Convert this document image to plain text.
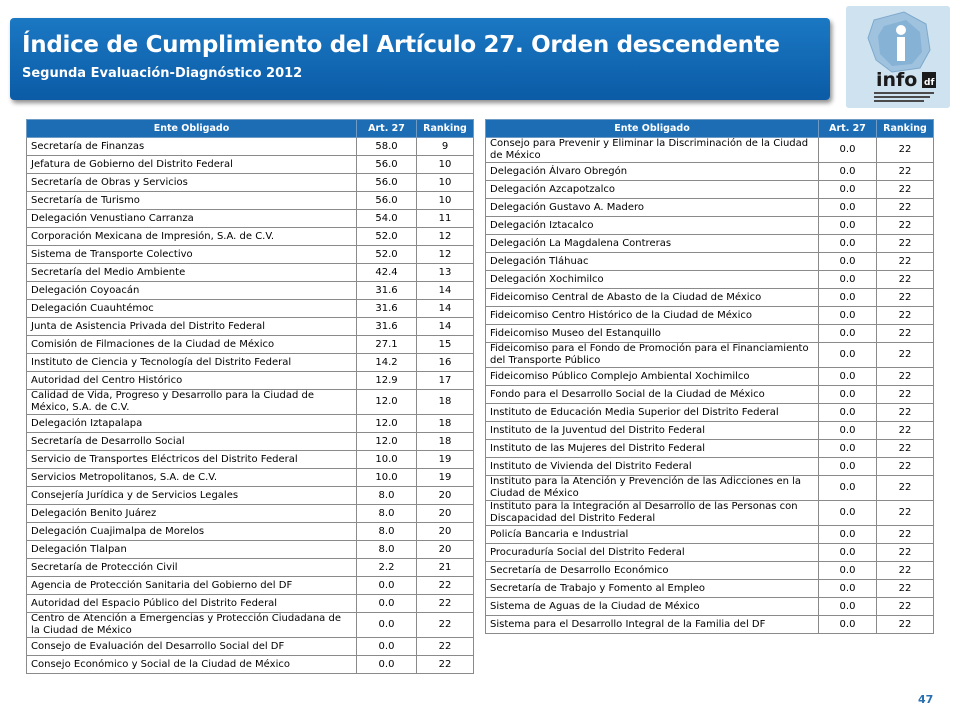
Índice de Cumplimiento del Artículo 27. Orden descendente
Segunda Evaluación-Diagnóstico 2012	info df
Ente Obligado	Art. 27	Ranking
Secretaría de Finanzas	58.0	9
Jefatura de Gobierno del Distrito Federal	56.0	10
Secretaría de Obras y Servicios	56.0	10
Secretaría de Turismo	56.0	10
Delegación Venustiano Carranza	54.0	11
Corporación Mexicana de Impresión, S.A. de C.V.	52.0	12
Sistema de Transporte Colectivo	52.0	12
Secretaría del Medio Ambiente	42.4	13
Delegación Coyoacán	31.6	14
Delegación Cuauhtémoc	31.6	14
Junta de Asistencia Privada del Distrito Federal	31.6	14
Comisión de Filmaciones de la Ciudad de México	27.1	15
Instituto de Ciencia y Tecnología del Distrito Federal	14.2	16
Autoridad del Centro Histórico	12.9	17
Calidad de Vida, Progreso y Desarrollo para la Ciudad de México, S.A. de C.V.	12.0	18
Delegación Iztapalapa	12.0	18
Secretaría de Desarrollo Social	12.0	18
Servicio de Transportes Eléctricos del Distrito Federal	10.0	19
Servicios Metropolitanos, S.A. de C.V.	10.0	19
Consejería Jurídica y de Servicios Legales	8.0	20
Delegación Benito Juárez	8.0	20
Delegación Cuajimalpa de Morelos	8.0	20
Delegación Tlalpan	8.0	20
Secretaría de Protección Civil	2.2	21
Agencia de Protección Sanitaria del Gobierno del DF	0.0	22
Autoridad del Espacio Público del Distrito Federal	0.0	22
Centro de Atención a Emergencias y Protección Ciudadana de la Ciudad de México	0.0	22
Consejo de Evaluación del Desarrollo Social del DF	0.0	22
Consejo Económico y Social de la Ciudad de México	0.0	22
Ente Obligado	Art. 27	Ranking
Consejo para Prevenir y Eliminar la Discriminación de la Ciudad de México	0.0	22
Delegación Álvaro Obregón	0.0	22
Delegación Azcapotzalco	0.0	22
Delegación Gustavo A. Madero	0.0	22
Delegación Iztacalco	0.0	22
Delegación La Magdalena Contreras	0.0	22
Delegación Tláhuac	0.0	22
Delegación Xochimilco	0.0	22
Fideicomiso Central de Abasto de la Ciudad de México	0.0	22
Fideicomiso Centro Histórico de la Ciudad de México	0.0	22
Fideicomiso Museo del Estanquillo	0.0	22
Fideicomiso para el Fondo de Promoción para el Financiamiento del Transporte Público	0.0	22
Fideicomiso Público Complejo Ambiental Xochimilco	0.0	22
Fondo para el Desarrollo Social de la Ciudad de México	0.0	22
Instituto de Educación Media Superior del Distrito Federal	0.0	22
Instituto de la Juventud del Distrito Federal	0.0	22
Instituto de las Mujeres del Distrito Federal	0.0	22
Instituto de Vivienda del Distrito Federal	0.0	22
Instituto para la Atención y Prevención de las Adicciones en la Ciudad de México	0.0	22
Instituto para la Integración al Desarrollo de las Personas con Discapacidad del Distrito Federal	0.0	22
Policía Bancaria e Industrial	0.0	22
Procuraduría Social del Distrito Federal	0.0	22
Secretaría de Desarrollo Económico	0.0	22
Secretaría de Trabajo y Fomento al Empleo	0.0	22
Sistema de Aguas de la Ciudad de México	0.0	22
Sistema para el Desarrollo Integral de la Familia del DF	0.0	22
47
